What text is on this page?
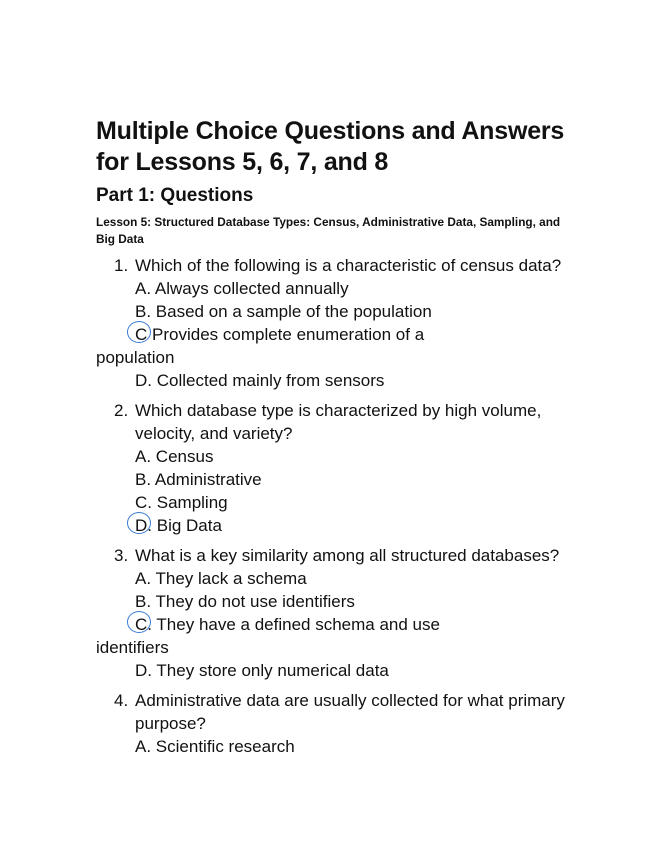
Multiple Choice Questions and Answers for Lessons 5, 6, 7, and 8
Part 1: Questions
Lesson 5: Structured Database Types: Census, Administrative Data, Sampling, and Big Data
1. Which of the following is a characteristic of census data?
A. Always collected annually
B. Based on a sample of the population
C Provides complete enumeration of a
population
D. Collected mainly from sensors
2. Which database type is characterized by high volume, velocity, and variety?
A. Census
B. Administrative
C. Sampling
D. Big Data
3. What is a key similarity among all structured databases?
A. They lack a schema
B. They do not use identifiers
C. They have a defined schema and use
identifiers
D. They store only numerical data
4. Administrative data are usually collected for what primary purpose?
A. Scientific research
